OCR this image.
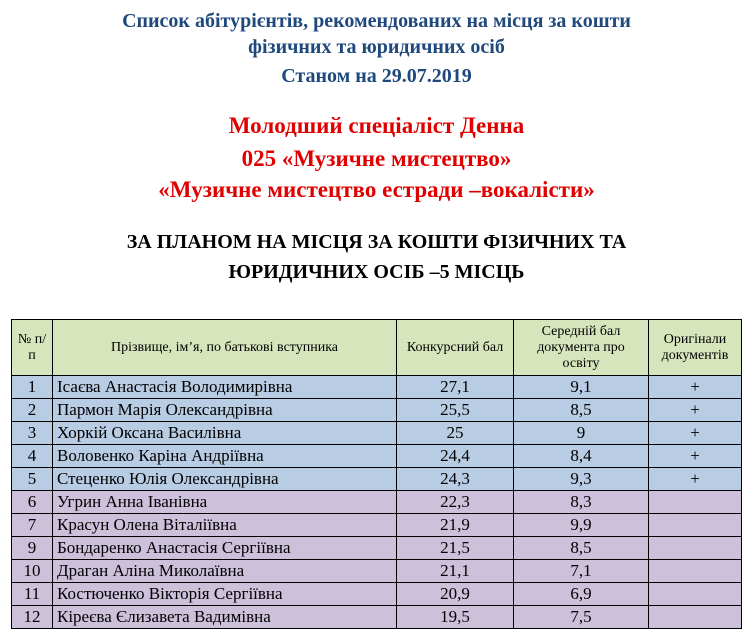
Список абітурієнтів, рекомендованих на місця за кошти
фізичних та юридичних осіб
Станом на 29.07.2019
Молодший спеціаліст Денна
025 «Музичне мистецтво»
«Музичне мистецтво естради –вокалісти»
ЗА ПЛАНОМ НА МІСЦЯ ЗА КОШТИ ФІЗИЧНИХ ТА
ЮРИДИЧНИХ ОСІБ –5 МІСЦЬ
№ п/п	Прізвище, ім’я, по батькові вступника	Конкурсний бал	Середній бал документа про освіту	Оригінали документів
1	Ісаєва Анастасія Володимирівна	27,1	9,1	+
2	Пармон Марія Олександрівна	25,5	8,5	+
3	Хоркій Оксана Василівна	25	9	+
4	Воловенко Каріна Андріївна	24,4	8,4	+
5	Стеценко Юлія Олександрівна	24,3	9,3	+
6	Угрин Анна Іванівна	22,3	8,3	
7	Красун Олена Віталіївна	21,9	9,9	
9	Бондаренко Анастасія Сергіївна	21,5	8,5	
10	Драган Аліна Миколаївна	21,1	7,1	
11	Костюченко Вікторія Сергіївна	20,9	6,9	
12	Кіреєва Єлизавета Вадимівна	19,5	7,5	
